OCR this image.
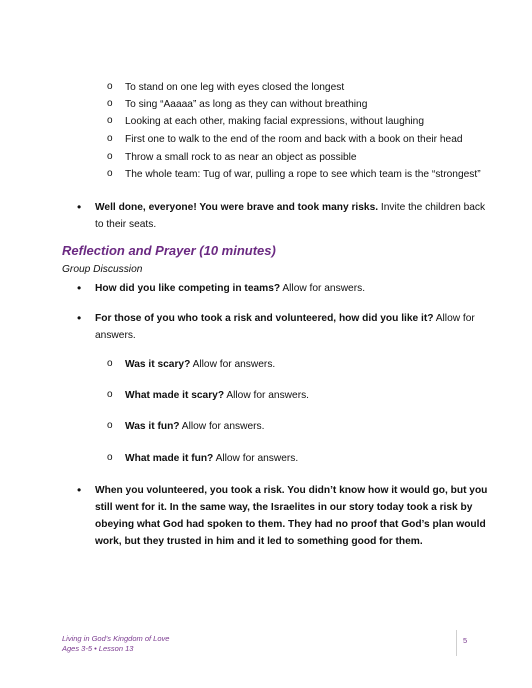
o To stand on one leg with eyes closed the longest
o To sing “Aaaaa” as long as they can without breathing
o Looking at each other, making facial expressions, without laughing
o First one to walk to the end of the room and back with a book on their head
o Throw a small rock to as near an object as possible
o The whole team: Tug of war, pulling a rope to see which team is the “strongest”
• Well done, everyone! You were brave and took many risks. Invite the children back
to their seats.
Reflection and Prayer (10 minutes)
Group Discussion
• How did you like competing in teams? Allow for answers.
• For those of you who took a risk and volunteered, how did you like it? Allow for
answers.
o Was it scary? Allow for answers.
o What made it scary? Allow for answers.
o Was it fun? Allow for answers.
o What made it fun? Allow for answers.
• When you volunteered, you took a risk. You didn’t know how it would go, but you
still went for it. In the same way, the Israelites in our story today took a risk by
obeying what God had spoken to them. They had no proof that God’s plan would
work, but they trusted in him and it led to something good for them.
Living in God’s Kingdom of Love
Ages 3-5 • Lesson 13
5
